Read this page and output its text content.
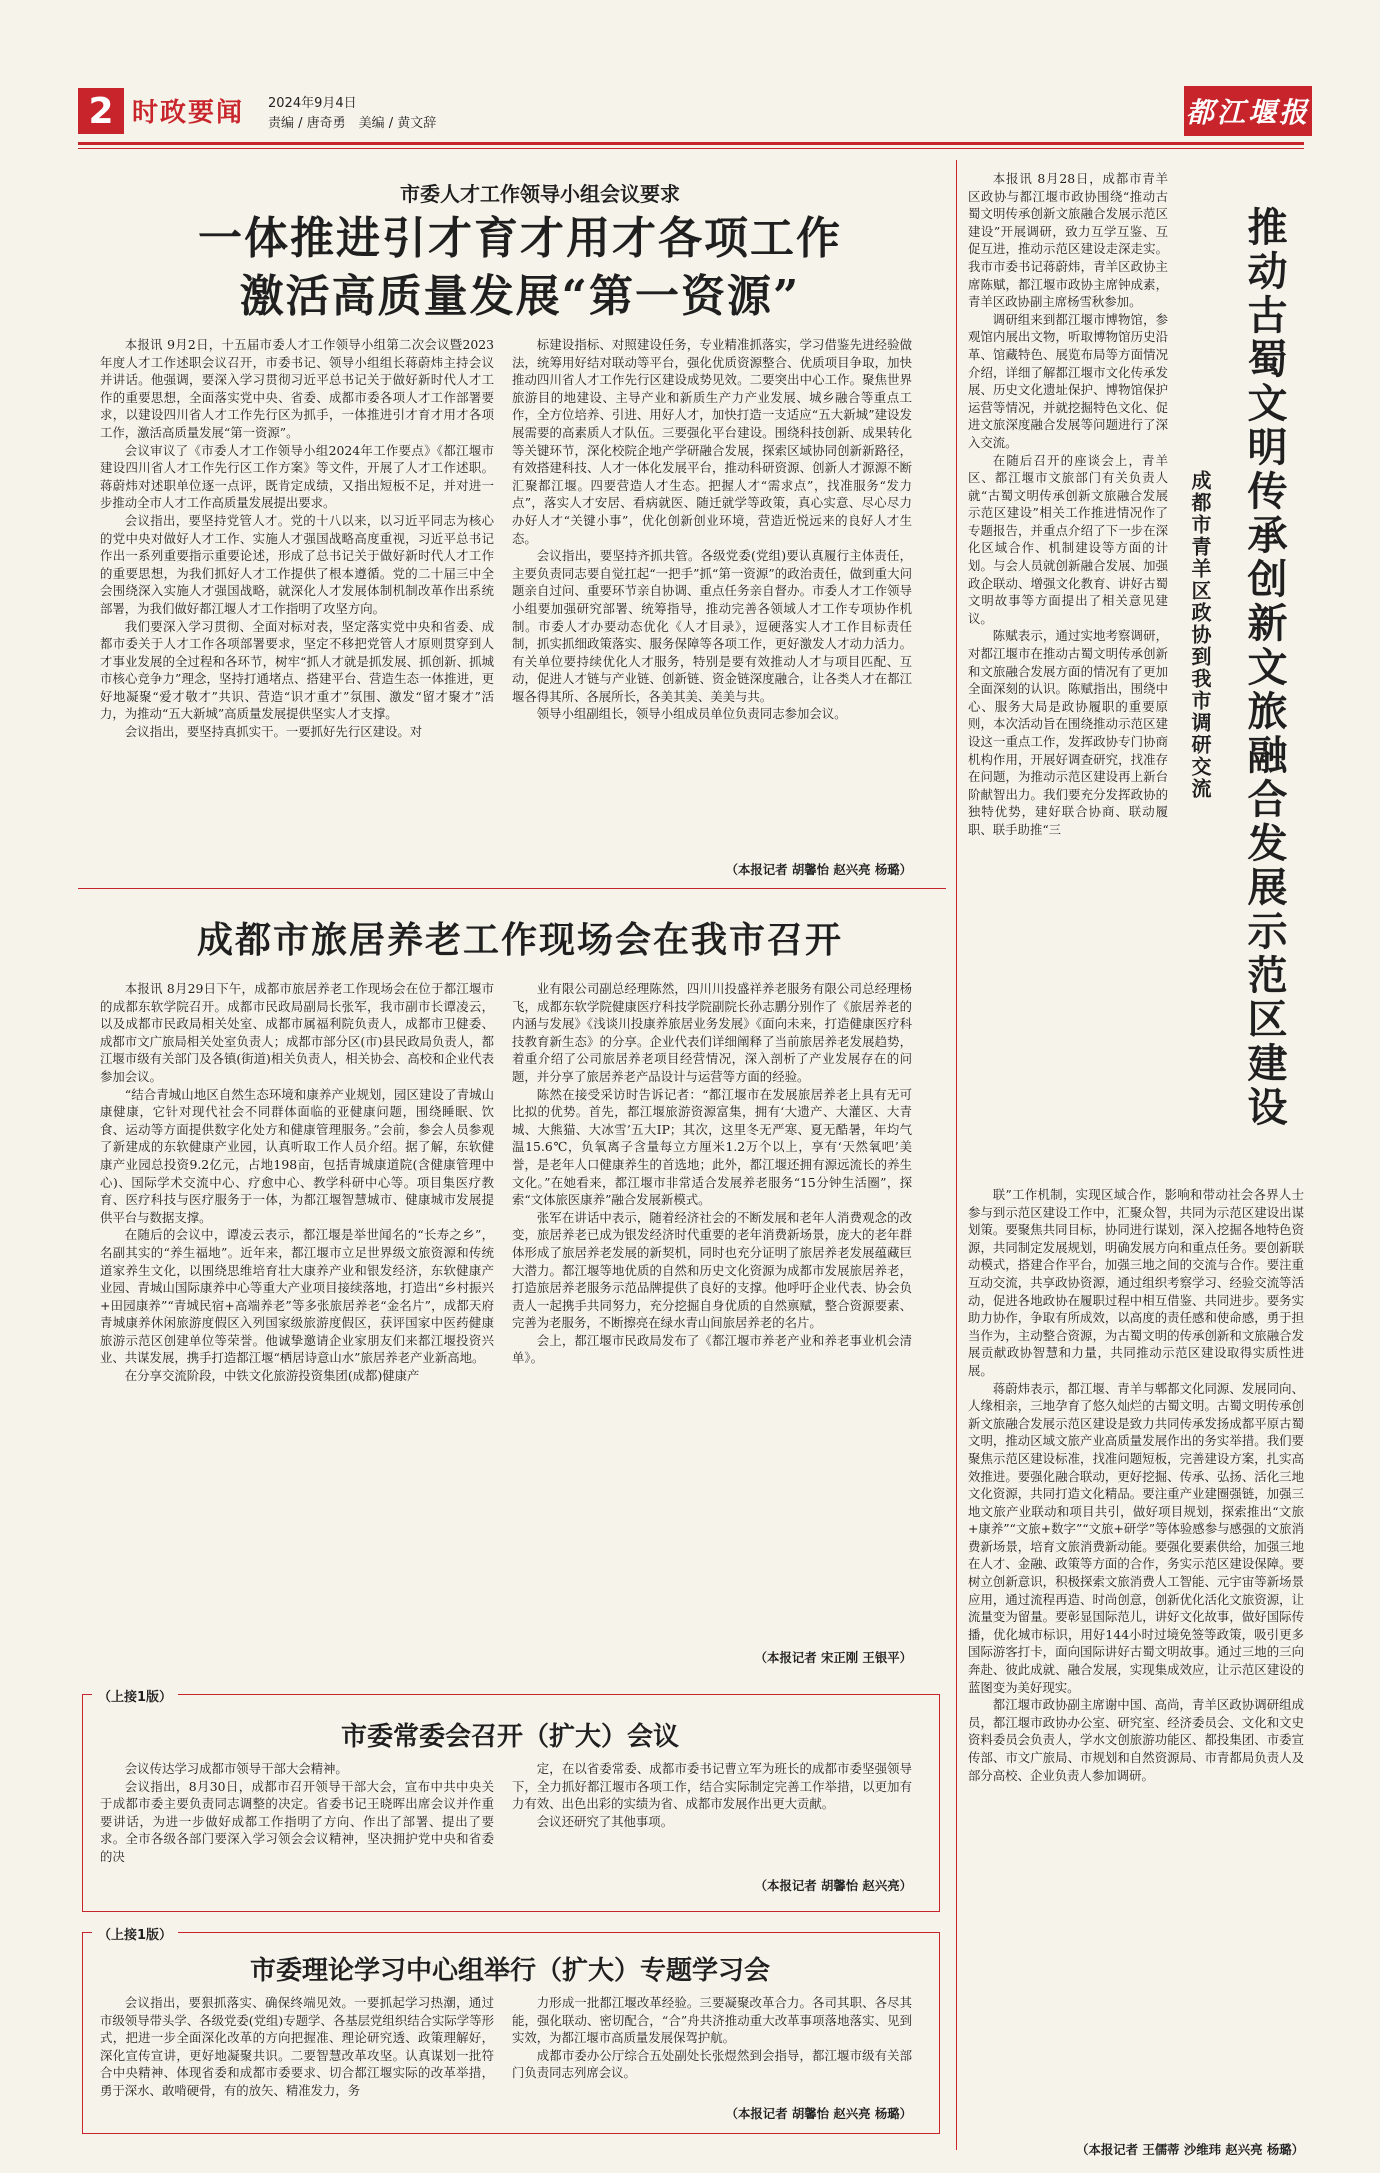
2 时政要闻 2024年9月4日
责编 / 唐奇勇　美编 / 黄文辞	都江堰报
市委人才工作领导小组会议要求
一体推进引才育才用才各项工作
激活高质量发展“第一资源”

本报讯 9月2日，十五届市委人才工作领导小组第二次会议暨2023年度人才工作述职会议召开，市委书记、领导小组组长蒋蔚炜主持会议并讲话。他强调，要深入学习贯彻习近平总书记关于做好新时代人才工作的重要思想，全面落实党中央、省委、成都市委各项人才工作部署要求，以建设四川省人才工作先行区为抓手，一体推进引才育才用才各项工作，激活高质量发展“第一资源”。

会议审议了《市委人才工作领导小组2024年工作要点》《都江堰市建设四川省人才工作先行区工作方案》等文件，开展了人才工作述职。蒋蔚炜对述职单位逐一点评，既肯定成绩，又指出短板不足，并对进一步推动全市人才工作高质量发展提出要求。

会议指出，要坚持党管人才。党的十八以来，以习近平同志为核心的党中央对做好人才工作、实施人才强国战略高度重视，习近平总书记作出一系列重要指示重要论述，形成了总书记关于做好新时代人才工作的重要思想，为我们抓好人才工作提供了根本遵循。党的二十届三中全会围绕深入实施人才强国战略，就深化人才发展体制机制改革作出系统部署，为我们做好都江堰人才工作指明了攻坚方向。

我们要深入学习贯彻、全面对标对表，坚定落实党中央和省委、成都市委关于人才工作各项部署要求，坚定不移把党管人才原则贯穿到人才事业发展的全过程和各环节，树牢“抓人才就是抓发展、抓创新、抓城市核心竞争力”理念，坚持打通堵点、搭建平台、营造生态一体推进，更好地凝聚“爱才敬才”共识、营造“识才重才”氛围、激发“留才聚才”活力，为推动“五大新城”高质量发展提供坚实人才支撑。

会议指出，要坚持真抓实干。一要抓好先行区建设。对

标建设指标、对照建设任务，专业精准抓落实，学习借鉴先进经验做法，统筹用好结对联动等平台，强化优质资源整合、优质项目争取，加快推动四川省人才工作先行区建设成势见效。二要突出中心工作。聚焦世界旅游目的地建设、主导产业和新质生产力产业发展、城乡融合等重点工作，全方位培养、引进、用好人才，加快打造一支适应“五大新城”建设发展需要的高素质人才队伍。三要强化平台建设。围绕科技创新、成果转化等关键环节，深化校院企地产学研融合发展，探索区域协同创新新路径，有效搭建科技、人才一体化发展平台，推动科研资源、创新人才源源不断汇聚都江堰。四要营造人才生态。把握人才“需求点”，找准服务“发力点”，落实人才安居、看病就医、随迁就学等政策，真心实意、尽心尽力办好人才“关键小事”，优化创新创业环境，营造近悦远来的良好人才生态。

会议指出，要坚持齐抓共管。各级党委(党组)要认真履行主体责任，主要负责同志要自觉扛起“一把手”抓“第一资源”的政治责任，做到重大问题亲自过问、重要环节亲自协调、重点任务亲自督办。市委人才工作领导小组要加强研究部署、统筹指导，推动完善各领域人才工作专项协作机制。市委人才办要动态优化《人才目录》，逗硬落实人才工作目标责任制，抓实抓细政策落实、服务保障等各项工作，更好激发人才动力活力。有关单位要持续优化人才服务，特别是要有效推动人才与项目匹配、互动，促进人才链与产业链、创新链、资金链深度融合，让各类人才在都江堰各得其所、各展所长，各美其美、美美与共。

领导小组副组长，领导小组成员单位负责同志参加会议。

（本报记者 胡馨怡 赵兴亮 杨璐）
成都市旅居养老工作现场会在我市召开

本报讯 8月29日下午，成都市旅居养老工作现场会在位于都江堰市的成都东软学院召开。成都市民政局副局长张军，我市副市长谭凌云，以及成都市民政局相关处室、成都市属福利院负责人，成都市卫健委、成都市文广旅局相关处室负责人；成都市部分区(市)县民政局负责人，都江堰市级有关部门及各镇(街道)相关负责人，相关协会、高校和企业代表参加会议。

“结合青城山地区自然生态环境和康养产业规划，园区建设了青城山康健康，它针对现代社会不同群体面临的亚健康问题，围绕睡眠、饮食、运动等方面提供数字化处方和健康管理服务。”会前，参会人员参观了新建成的东软健康产业园，认真听取工作人员介绍。据了解，东软健康产业园总投资9.2亿元，占地198亩，包括青城康道院(含健康管理中心)、国际学术交流中心、疗愈中心、教学科研中心等。项目集医疗教育、医疗科技与医疗服务于一体，为都江堰智慧城市、健康城市发展提供平台与数据支撑。

在随后的会议中，谭凌云表示，都江堰是举世闻名的“长寿之乡”，名副其实的“养生福地”。近年来，都江堰市立足世界级文旅资源和传统道家养生文化，以围绕思维培育壮大康养产业和银发经济，东软健康产业园、青城山国际康养中心等重大产业项目接续落地，打造出“乡村振兴+田园康养”“青城民宿+高端养老”等多张旅居养老“金名片”，成都天府青城康养休闲旅游度假区入列国家级旅游度假区，获评国家中医药健康旅游示范区创建单位等荣誉。他诚挚邀请企业家朋友们来都江堰投资兴业、共谋发展，携手打造都江堰“栖居诗意山水”旅居养老产业新高地。

在分享交流阶段，中铁文化旅游投资集团(成都)健康产

业有限公司副总经理陈然，四川川投盛祥养老服务有限公司总经理杨飞，成都东软学院健康医疗科技学院副院长孙志鹏分别作了《旅居养老的内涵与发展》《浅谈川投康养旅居业务发展》《面向未来，打造健康医疗科技教育新生态》的分享。企业代表们详细阐释了当前旅居养老发展趋势，着重介绍了公司旅居养老项目经营情况，深入剖析了产业发展存在的问题，并分享了旅居养老产品设计与运营等方面的经验。

陈然在接受采访时告诉记者：“都江堰市在发展旅居养老上具有无可比拟的优势。首先，都江堰旅游资源富集，拥有‘大遗产、大灌区、大青城、大熊猫、大冰雪’五大IP；其次，这里冬无严寒、夏无酷暑，年均气温15.6℃，负氧离子含量每立方厘米1.2万个以上，享有‘天然氧吧’美誉，是老年人口健康养生的首选地；此外，都江堰还拥有源远流长的养生文化。”在她看来，都江堰市非常适合发展养老服务“15分钟生活圈”，探索“文体旅医康养”融合发展新模式。

张军在讲话中表示，随着经济社会的不断发展和老年人消费观念的改变，旅居养老已成为银发经济时代重要的老年消费新场景，庞大的老年群体形成了旅居养老发展的新契机，同时也充分证明了旅居养老发展蕴藏巨大潜力。都江堰等地优质的自然和历史文化资源为成都市发展旅居养老，打造旅居养老服务示范品牌提供了良好的支撑。他呼吁企业代表、协会负责人一起携手共同努力，充分挖掘自身优质的自然禀赋，整合资源要素、完善为老服务，不断擦亮在绿水青山间旅居养老的名片。

会上，都江堰市民政局发布了《都江堰市养老产业和养老事业机会清单》。

（本报记者 宋正刚 王银平）
（上接1版）
市委常委会召开（扩大）会议

会议传达学习成都市领导干部大会精神。

会议指出，8月30日，成都市召开领导干部大会，宣布中共中央关于成都市委主要负责同志调整的决定。省委书记王晓晖出席会议并作重要讲话，为进一步做好成都工作指明了方向、作出了部署、提出了要求。全市各级各部门要深入学习领会会议精神，坚决拥护党中央和省委的决

定，在以省委常委、成都市委书记曹立军为班长的成都市委坚强领导下，全力抓好都江堰市各项工作，结合实际制定完善工作举措，以更加有力有效、出色出彩的实绩为省、成都市发展作出更大贡献。

会议还研究了其他事项。

（本报记者 胡馨怡 赵兴亮）
（上接1版）
市委理论学习中心组举行（扩大）专题学习会

会议指出，要狠抓落实、确保终端见效。一要抓起学习热潮，通过市级领导带头学、各级党委(党组)专题学、各基层党组织结合实际学等形式，把进一步全面深化改革的方向把握准、理论研究透、政策理解好，深化宣传宣讲，更好地凝聚共识。二要智慧改革攻坚。认真谋划一批符合中央精神、体现省委和成都市委要求、切合都江堰实际的改革举措，勇于深水、敢啃硬骨，有的放矢、精准发力，务

力形成一批都江堰改革经验。三要凝聚改革合力。各司其职、各尽其能，强化联动、密切配合，“合”舟共济推动重大改革事项落地落实、见到实效，为都江堰市高质量发展保驾护航。

成都市委办公厅综合五处副处长张煜然到会指导，都江堰市级有关部门负责同志列席会议。

（本报记者 胡馨怡 赵兴亮 杨璐）

本报讯 8月28日，成都市青羊区政协与都江堰市政协围绕“推动古蜀文明传承创新文旅融合发展示范区建设”开展调研，致力互学互鉴、互促互进，推动示范区建设走深走实。我市市委书记蒋蔚炜，青羊区政协主席陈赋，都江堰市政协主席钟成素，青羊区政协副主席杨雪秋参加。

调研组来到都江堰市博物馆，参观馆内展出文物，听取博物馆历史沿革、馆藏特色、展览布局等方面情况介绍，详细了解都江堰市文化传承发展、历史文化遗址保护、博物馆保护运营等情况，并就挖掘特色文化、促进文旅深度融合发展等问题进行了深入交流。

在随后召开的座谈会上，青羊区、都江堰市文旅部门有关负责人就“古蜀文明传承创新文旅融合发展示范区建设”相关工作推进情况作了专题报告，并重点介绍了下一步在深化区域合作、机制建设等方面的计划。与会人员就创新融合发展、加强政企联动、增强文化教育、讲好古蜀文明故事等方面提出了相关意见建议。

陈赋表示，通过实地考察调研，对都江堰市在推动古蜀文明传承创新和文旅融合发展方面的情况有了更加全面深刻的认识。陈赋指出，围绕中心、服务大局是政协履职的重要原则，本次活动旨在围绕推动示范区建设这一重点工作，发挥政协专门协商机构作用，开展好调查研究，找准存在问题，为推动示范区建设再上新台阶献智出力。我们要充分发挥政协的独特优势，建好联合协商、联动履职、联手助推“三	推动古蜀文明传承创新文旅融合发展示范区建设
成都市青羊区政协到我市调研交流

联”工作机制，实现区域合作，影响和带动社会各界人士参与到示范区建设工作中，汇聚众智，共同为示范区建设出谋划策。要聚焦共同目标，协同进行谋划，深入挖掘各地特色资源，共同制定发展规划，明确发展方向和重点任务。要创新联动模式，搭建合作平台，加强三地之间的交流与合作。要注重互动交流，共享政协资源，通过组织考察学习、经验交流等活动，促进各地政协在履职过程中相互借鉴、共同进步。要务实助力协作，争取有所成效，以高度的责任感和使命感，勇于担当作为，主动整合资源，为古蜀文明的传承创新和文旅融合发展贡献政协智慧和力量，共同推动示范区建设取得实质性进展。

蒋蔚炜表示，都江堰、青羊与郫都文化同源、发展同向、人缘相亲，三地孕育了悠久灿烂的古蜀文明。古蜀文明传承创新文旅融合发展示范区建设是致力共同传承发扬成都平原古蜀文明，推动区域文旅产业高质量发展作出的务实举措。我们要聚焦示范区建设标准，找准问题短板，完善建设方案，扎实高效推进。要强化融合联动，更好挖掘、传承、弘扬、活化三地文化资源，共同打造文化精品。要注重产业建圈强链，加强三地文旅产业联动和项目共引，做好项目规划，探索推出“文旅+康养”“文旅+数字”“文旅+研学”等体验感参与感强的文旅消费新场景，培育文旅消费新动能。要强化要素供给，加强三地在人才、金融、政策等方面的合作，务实示范区建设保障。要树立创新意识，积极探索文旅消费人工智能、元宇宙等新场景应用，通过流程再造、时尚创意，创新优化活化文旅资源，让流量变为留量。要彰显国际范儿，讲好文化故事，做好国际传播，优化城市标识，用好144小时过境免签等政策，吸引更多国际游客打卡，面向国际讲好古蜀文明故事。通过三地的三向奔赴、彼此成就、融合发展，实现集成效应，让示范区建设的蓝图变为美好现实。

都江堰市政协副主席谢中国、高尚，青羊区政协调研组成员，都江堰市政协办公室、研究室、经济委员会、文化和文史资料委员会负责人，学水文创旅游功能区、都投集团、市委宣传部、市文广旅局、市规划和自然资源局、市青都局负责人及部分高校、企业负责人参加调研。

（本报记者 王儒蒂 沙维玮 赵兴亮 杨璐）
